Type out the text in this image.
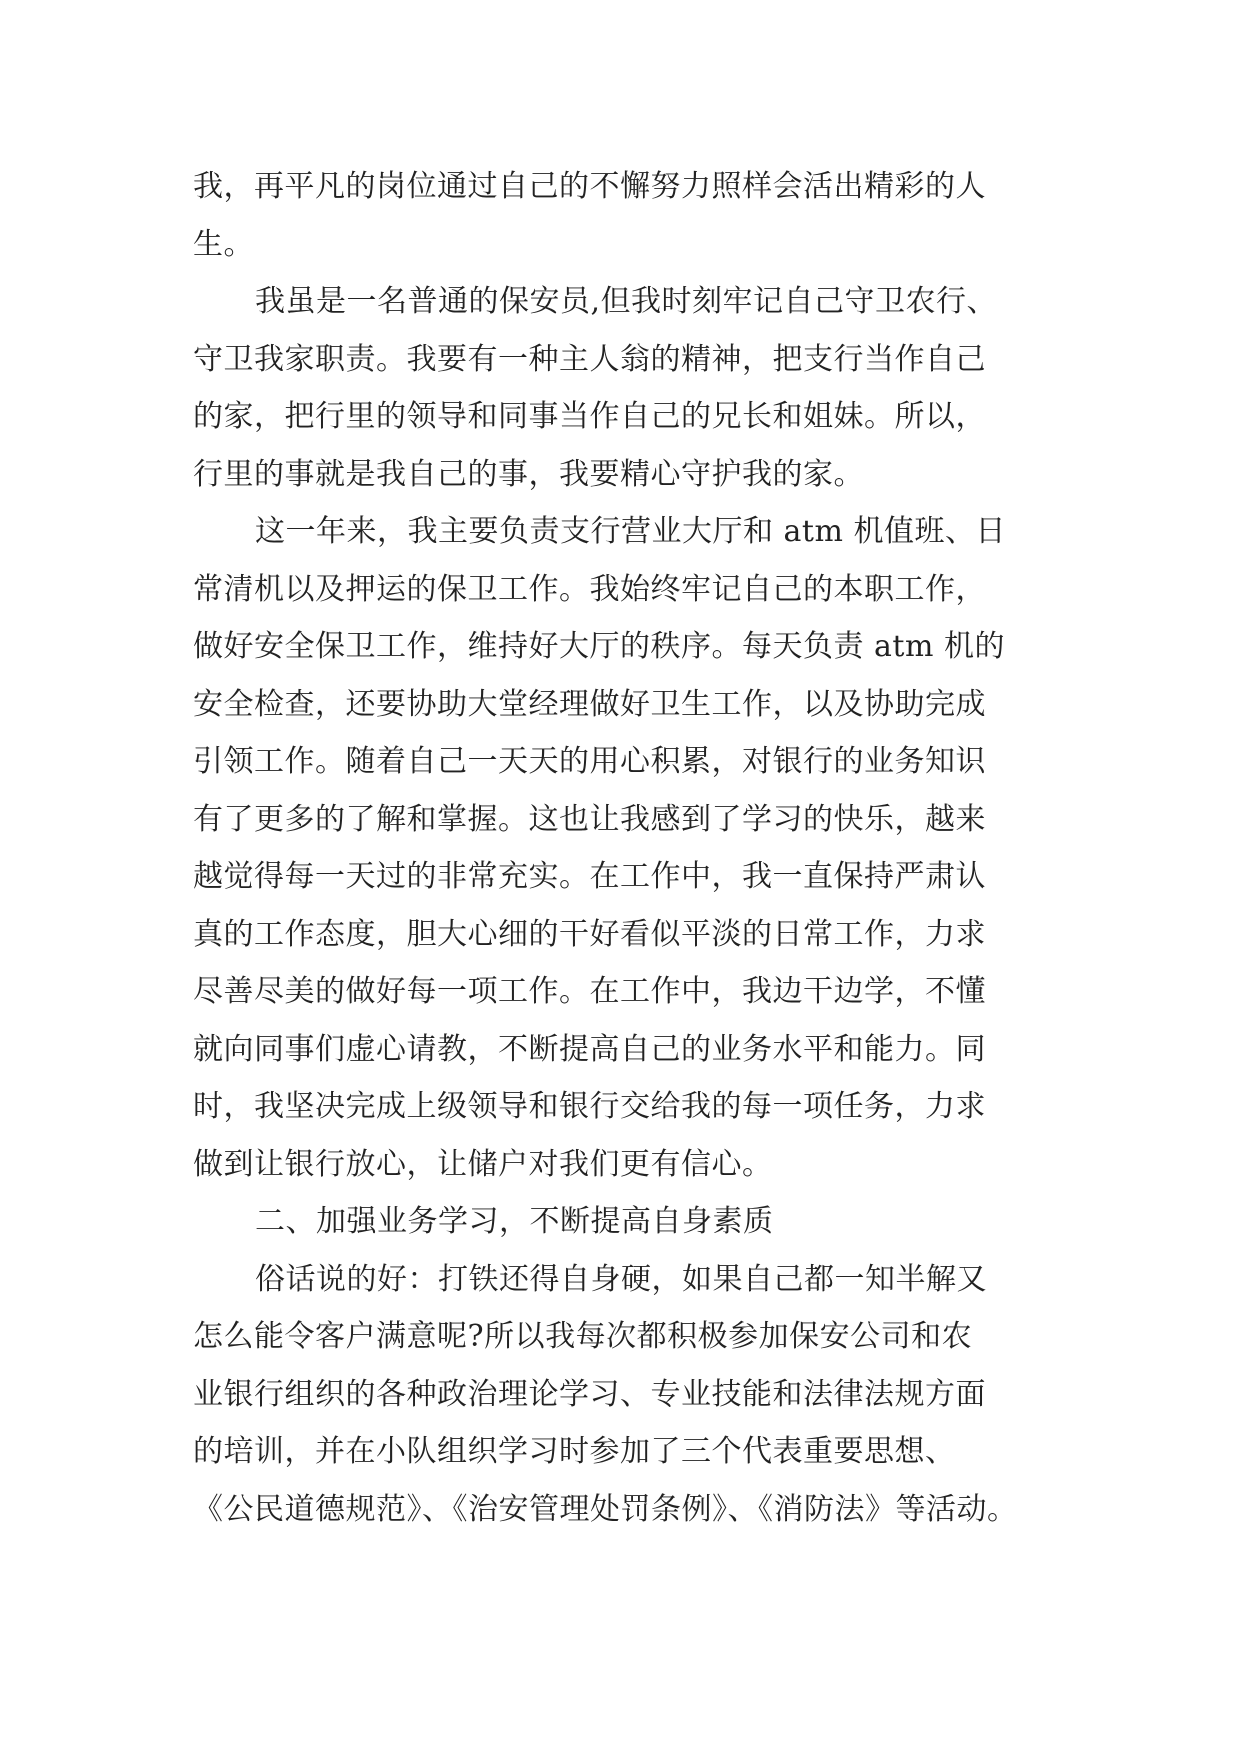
我，再平凡的岗位通过自己的不懈努力照样会活出精彩的人

生。

我虽是一名普通的保安员,但我时刻牢记自己守卫农行、

守卫我家职责。我要有一种主人翁的精神，把支行当作自己

的家，把行里的领导和同事当作自己的兄长和姐妹。所以，

行里的事就是我自己的事，我要精心守护我的家。

这一年来，我主要负责支行营业大厅和 atm 机值班、日

常清机以及押运的保卫工作。我始终牢记自己的本职工作，

做好安全保卫工作，维持好大厅的秩序。每天负责 atm 机的

安全检查，还要协助大堂经理做好卫生工作，以及协助完成

引领工作。随着自己一天天的用心积累，对银行的业务知识

有了更多的了解和掌握。这也让我感到了学习的快乐，越来

越觉得每一天过的非常充实。在工作中，我一直保持严肃认

真的工作态度，胆大心细的干好看似平淡的日常工作，力求

尽善尽美的做好每一项工作。在工作中，我边干边学，不懂

就向同事们虚心请教，不断提高自己的业务水平和能力。同

时，我坚决完成上级领导和银行交给我的每一项任务，力求

做到让银行放心，让储户对我们更有信心。

二、加强业务学习，不断提高自身素质

俗话说的好：打铁还得自身硬，如果自己都一知半解又

怎么能令客户满意呢?所以我每次都积极参加保安公司和农

业银行组织的各种政治理论学习、专业技能和法律法规方面

的培训，并在小队组织学习时参加了三个代表重要思想、

《公民道德规范》、《治安管理处罚条例》、《消防法》等活动。
